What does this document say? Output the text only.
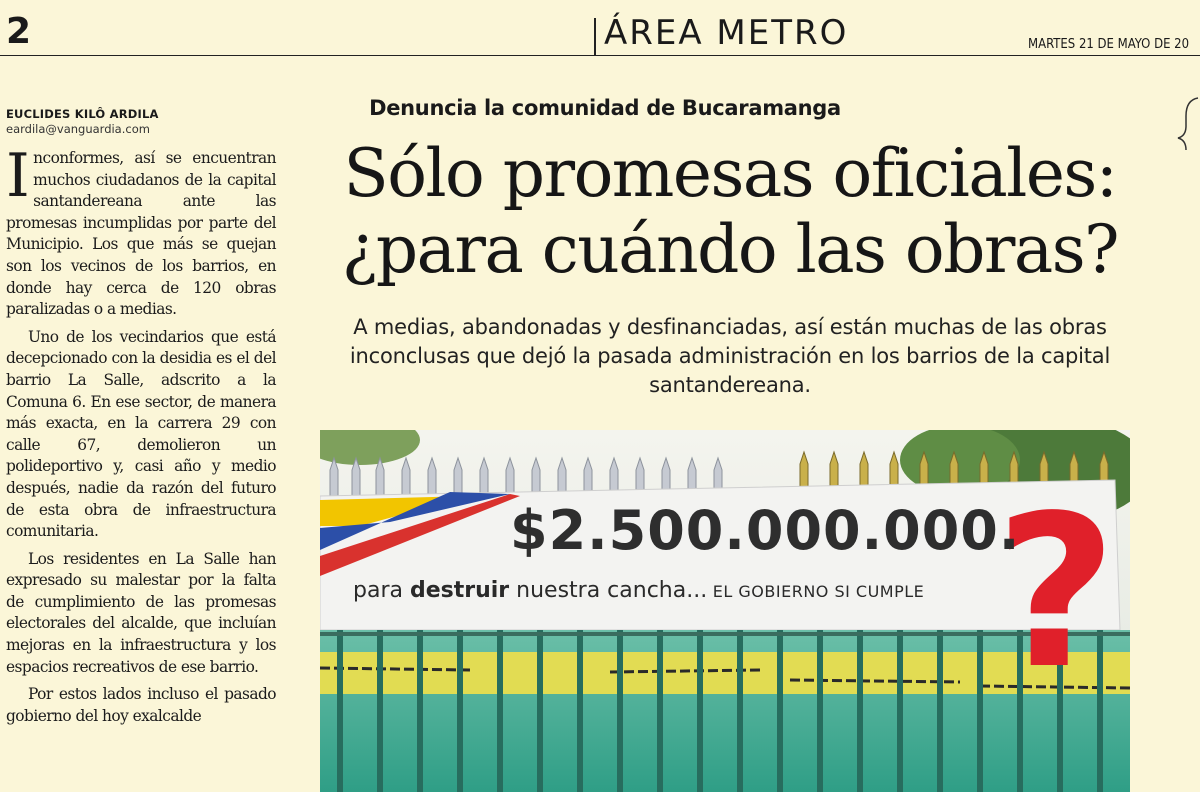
2	ÁREA METRO	MARTES 21 DE MAYO DE 20
EUCLIDES KILÔ ARDILA
eardila@vanguardia.com

Inconformes, así se encuentran muchos ciudadanos de la capital santandereana ante las promesas incumplidas por parte del Municipio. Los que más se quejan son los vecinos de los barrios, en donde hay cerca de 120 obras paralizadas o a medias.

Uno de los vecindarios que está decepcionado con la desidia es el del barrio La Salle, adscrito a la Comuna 6. En ese sector, de manera más exacta, en la carrera 29 con calle 67, demolieron un polideportivo y, casi año y medio después, nadie da razón del futuro de esta obra de infraestructura comunitaria.

Los residentes en La Salle han expresado su malestar por la falta de cumplimiento de las promesas electorales del alcalde, que incluían mejoras en la infraestructura y los espacios recreativos de ese barrio.

Por estos lados incluso el pasado gobierno del hoy exalcalde

Denuncia la comunidad de Bucaramanga
Sólo promesas oficiales:
¿para cuándo las obras?
A medias, abandonadas y desfinanciadas, así están muchas de las obras inconclusas que dejó la pasada administración en los barrios de la capital santandereana.
?
$2.500.000.000.
para destruir nuestra cancha... EL GOBIERNO SI CUMPLE
